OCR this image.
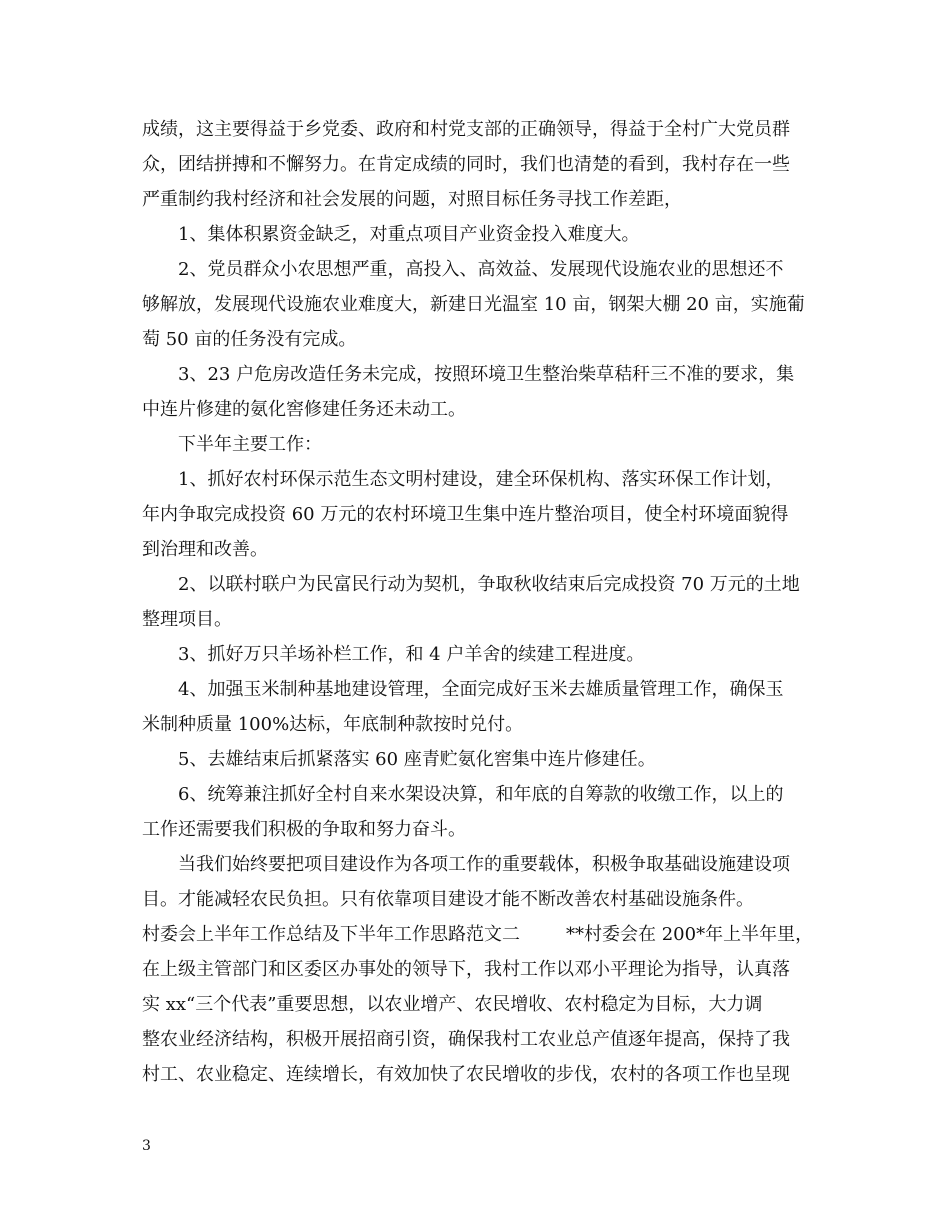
成绩，这主要得益于乡党委、政府和村党支部的正确领导，得益于全村广大党员群
众，团结拼搏和不懈努力。在肯定成绩的同时，我们也清楚的看到，我村存在一些
严重制约我村经济和社会发展的问题，对照目标任务寻找工作差距，
1、集体积累资金缺乏，对重点项目产业资金投入难度大。
2、党员群众小农思想严重，高投入、高效益、发展现代设施农业的思想还不
够解放，发展现代设施农业难度大，新建日光温室 10 亩，钢架大棚 20 亩，实施葡
萄 50 亩的任务没有完成。
3、23 户危房改造任务未完成，按照环境卫生整治柴草秸秆三不准的要求，集
中连片修建的氨化窖修建任务还未动工。
下半年主要工作：
1、抓好农村环保示范生态文明村建设，建全环保机构、落实环保工作计划，
年内争取完成投资 60 万元的农村环境卫生集中连片整治项目，使全村环境面貌得
到治理和改善。
2、以联村联户为民富民行动为契机，争取秋收结束后完成投资 70 万元的土地
整理项目。
3、抓好万只羊场补栏工作，和 4 户羊舍的续建工程进度。
4、加强玉米制种基地建设管理，全面完成好玉米去雄质量管理工作，确保玉
米制种质量 100%达标，年底制种款按时兑付。
5、去雄结束后抓紧落实 60 座青贮氨化窖集中连片修建任。
6、统筹兼注抓好全村自来水架设决算，和年底的自筹款的收缴工作，以上的
工作还需要我们积极的争取和努力奋斗。
当我们始终要把项目建设作为各项工作的重要载体，积极争取基础设施建设项
目。才能减轻农民负担。只有依靠项目建设才能不断改善农村基础设施条件。
村委会上半年工作总结及下半年工作思路范文二	**村委会在 200*年上半年里，
在上级主管部门和区委区办事处的领导下，我村工作以邓小平理论为指导，认真落
实 xx“三个代表”重要思想，以农业增产、农民增收、农村稳定为目标，大力调
整农业经济结构，积极开展招商引资，确保我村工农业总产值逐年提高，保持了我
村工、农业稳定、连续增长，有效加快了农民增收的步伐，农村的各项工作也呈现
3
